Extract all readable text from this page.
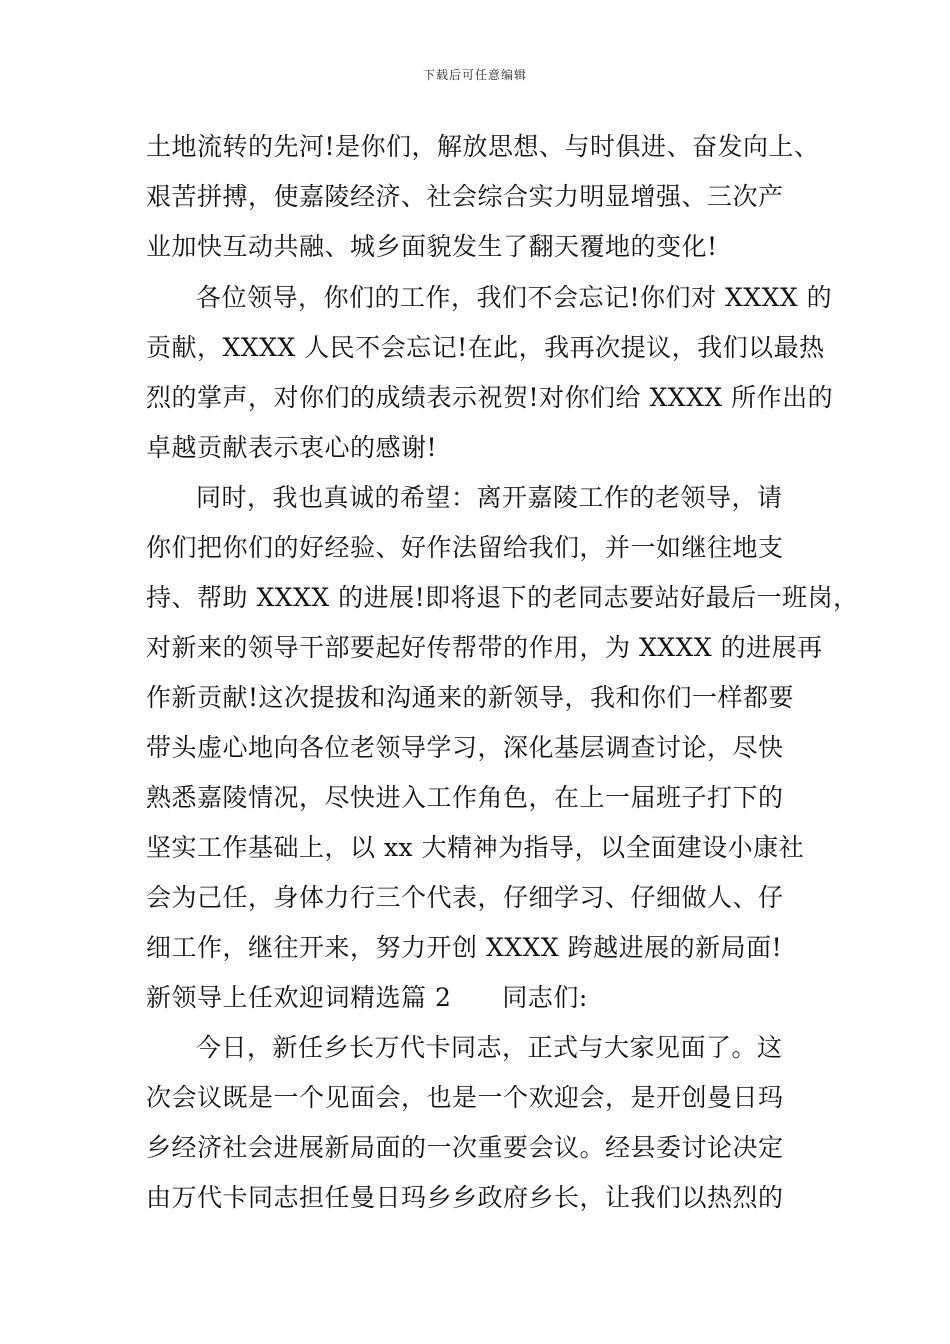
下载后可任意编辑
土地流转的先河!是你们，解放思想、与时俱进、奋发向上、
艰苦拼搏，使嘉陵经济、社会综合实力明显增强、三次产
业加快互动共融、城乡面貌发生了翻天覆地的变化!
各位领导，你们的工作，我们不会忘记!你们对 XXXX 的
贡献，XXXX 人民不会忘记!在此，我再次提议，我们以最热
烈的掌声，对你们的成绩表示祝贺!对你们给 XXXX 所作出的
卓越贡献表示衷心的感谢!
同时，我也真诚的希望：离开嘉陵工作的老领导，请
你们把你们的好经验、好作法留给我们，并一如继往地支
持、帮助 XXXX 的进展!即将退下的老同志要站好最后一班岗，
对新来的领导干部要起好传帮带的作用，为 XXXX 的进展再
作新贡献!这次提拔和沟通来的新领导，我和你们一样都要
带头虚心地向各位老领导学习，深化基层调查讨论，尽快
熟悉嘉陵情况，尽快进入工作角色，在上一届班子打下的
坚实工作基础上，以 xx 大精神为指导，以全面建设小康社
会为己任，身体力行三个代表，仔细学习、仔细做人、仔
细工作，继往开来，努力开创 XXXX 跨越进展的新局面!
新领导上任欢迎词精选篇 2　　同志们:
今日，新任乡长万代卡同志，正式与大家见面了。这
次会议既是一个见面会，也是一个欢迎会，是开创曼日玛
乡经济社会进展新局面的一次重要会议。经县委讨论决定
由万代卡同志担任曼日玛乡乡政府乡长，让我们以热烈的
